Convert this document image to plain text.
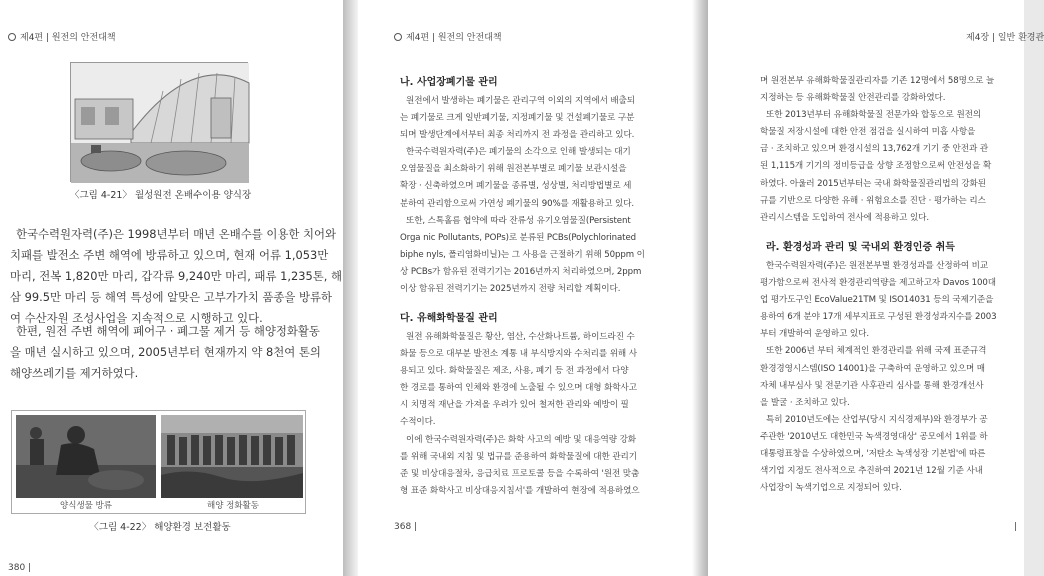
제4편 | 원전의 안전대책
〈그림 4-21〉 월성원전 온배수이용 양식장
한국수력원자력(주)은 1998년부터 매년 온배수를 이용한 치어와
치패를 발전소 주변 해역에 방류하고 있으며, 현재 어류 1,053만
마리, 전복 1,820만 마리, 갑각류 9,240만 마리, 패류 1,235톤, 해
삼 99.5만 마리 등 해역 특성에 알맞은 고부가가치 품종을 방류하
여 수산자원 조성사업을 지속적으로 시행하고 있다.
한편, 원전 주변 해역에 폐어구 · 폐그물 제거 등 해양정화활동
을 매년 실시하고 있으며, 2005년부터 현재까지 약 8천여 톤의
해양쓰레기를 제거하였다.
양식생물 방류	해양 정화활동
〈그림 4-22〉 해양환경 보전활동
380 |
제4편 | 원전의 안전대책
나. 사업장폐기물 관리
원전에서 발생하는 폐기물은 관리구역 이외의 지역에서 배출되
는 폐기물로 크게 일반폐기물, 지정폐기물 및 건설폐기물로 구분
되며 발생단계에서부터 최종 처리까지 전 과정을 관리하고 있다.
한국수력원자력(주)은 폐기물의 소각으로 인해 발생되는 대기
오염물질을 최소화하기 위해 원전본부별로 폐기물 보관시설을
확장 · 신축하였으며 폐기물을 종류별, 성상별, 처리방법별로 세
분하여 관리함으로써 가연성 폐기물의 90%를 재활용하고 있다.
또한, 스톡홀름 협약에 따라 잔류성 유기오염물질(Persistent
Orga nic Pollutants, POPs)로 분류된 PCBs(Polychlorinated
biphe nyls, 폴리염화비닐)는 그 사용을 근절하기 위해 50ppm 이
상 PCBs가 함유된 전력기기는 2016년까지 처리하였으며, 2ppm
이상 함유된 전력기기는 2025년까지 전량 처리할 계획이다.
다. 유해화학물질 관리
원전 유해화학물질은 황산, 염산, 수산화나트륨, 하이드라진 수
화물 등으로 대부분 발전소 계통 내 부식방지와 수처리를 위해 사
용되고 있다. 화학물질은 제조, 사용, 폐기 등 전 과정에서 다양
한 경로를 통하여 인체와 환경에 노출될 수 있으며 대형 화학사고
시 치명적 재난을 가져올 우려가 있어 철저한 관리와 예방이 필
수적이다.
이에 한국수력원자력(주)은 화학 사고의 예방 및 대응역량 강화
를 위해 국내외 지침 및 법규를 준용하여 화학물질에 대한 관리기
준 및 비상대응절차, 응급치료 프로토콜 등을 수록하여 '원전 맞춤
형 표준 화학사고 비상대응지침서'를 개발하여 현장에 적용하였으
368 |
제4장 | 일반 환경관
며 원전본부 유해화학물질관리자를 기존 12명에서 58명으로 늘
지정하는 등 유해화학물질 안전관리를 강화하였다.
또한 2013년부터 유해화학물질 전문가와 합동으로 원전의
학물질 저장시설에 대한 안전 점검을 실시하여 미흡 사항을
금 · 조치하고 있으며 환경시설의 13,762개 기기 중 안전과 관
된 1,115개 기기의 정비등급을 상향 조정함으로써 안전성을 확
하였다. 아울러 2015년부터는 국내 화학물질관리법의 강화된
규를 기반으로 다양한 유해 · 위험요소를 진단 · 평가하는 리스
관리시스템을 도입하여 전사에 적용하고 있다.
라. 환경성과 관리 및 국내외 환경인증 취득
한국수력원자력(주)은 원전본부별 환경성과를 산정하여 비교
평가함으로써 전사적 환경관리역량을 제고하고자 Davos 100대
업 평가도구인 EcoValue21TM 및 ISO14031 등의 국제기준을
용하여 6개 분야 17개 세부지표로 구성된 환경성과지수를 2003
부터 개발하여 운영하고 있다.
또한 2006년 부터 체계적인 환경관리를 위해 국제 표준규격
환경경영시스템(ISO 14001)을 구축하여 운영하고 있으며 매
자체 내부심사 및 전문기관 사후관리 심사를 통해 환경개선사
을 발굴 · 조치하고 있다.
특히 2010년도에는 산업부(당시 지식경제부)와 환경부가 공
주관한 '2010년도 대한민국 녹색경영대상' 공모에서 1위를 하
대통령표창을 수상하였으며, '저탄소 녹색성장 기본법'에 따른
색기업 지정도 전사적으로 추진하여 2021년 12월 기준 사내
사업장이 녹색기업으로 지정되어 있다.
|
